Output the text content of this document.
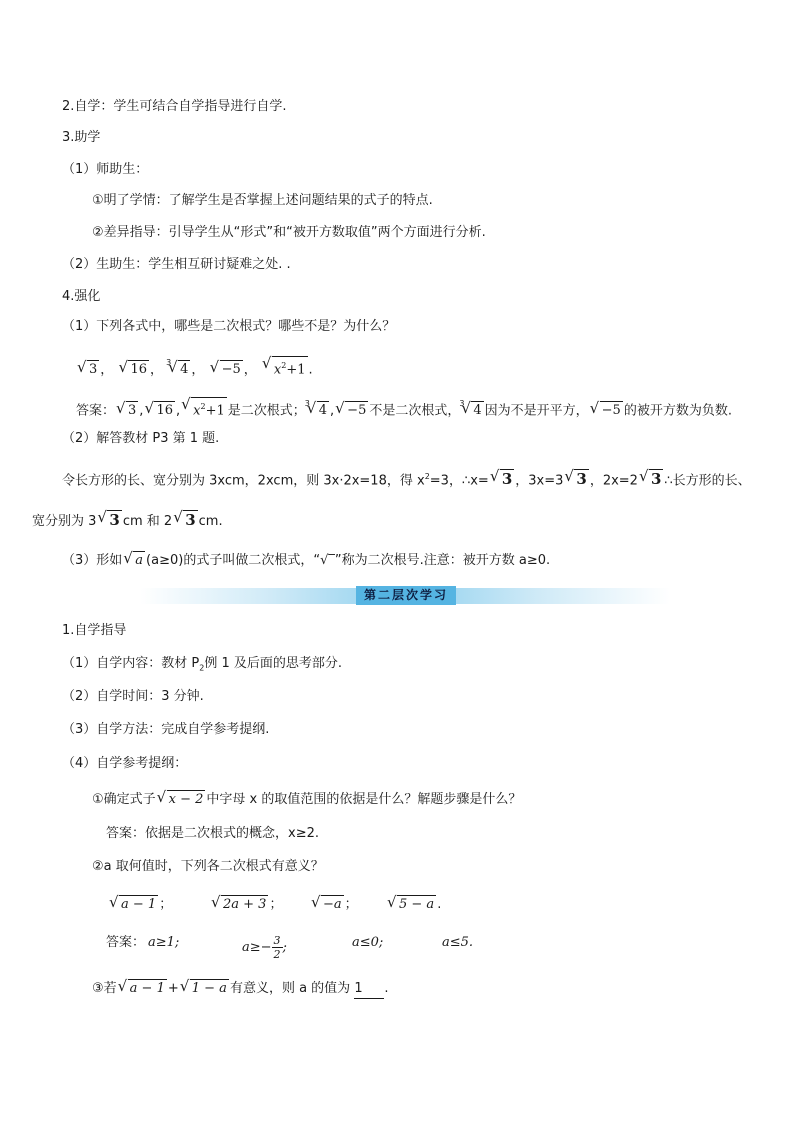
2.自学：学生可结合自学指导进行自学.
3.助学
（1）师助生：
①明了学情：了解学生是否掌握上述问题结果的式子的特点.
②差异指导：引导学生从“形式”和“被开方数取值”两个方面进行分析.
（2）生助生：学生相互研讨疑难之处. .
4.强化
（1）下列各式中，哪些是二次根式？哪些不是？为什么？
√ 3 ， √ 16 ， √ 3 4 ， √ −5 ， √ $x^2+1$ .
答案： √ 3 , √ 16 , √ $x^2+1$ 是二次根式； √ 3 4 , √ −5 不是二次根式， √ 3 4 因为不是开平方， √ −5 的被开方数为负数.
（2）解答教材 P3 第 1 题.
令长方形的长、宽分别为 3xcm，2xcm，则 3x·2x=18，得 $x^2=3$，∴x= √ 3 ，3x=3 √ 3 ，2x=2 √ 3 ∴长方形的长、
宽分别为 3 √ 3 cm 和 2 √ 3 cm.
（3）形如 √ a (a≥0)的式子叫做二次根式，“√‾”称为二次根号.注意：被开方数 a≥0.
第二层次学习
1.自学指导
（1）自学内容：教材 $P_2$例 1 及后面的思考部分.
（2）自学时间：3 分钟.
（3）自学方法：完成自学参考提纲.
（4）自学参考提纲：
①确定式子 √ x − 2 中字母 x 的取值范围的依据是什么？解题步骤是什么？
答案：依据是二次根式的概念，x≥2.
②a 取何值时，下列各二次根式有意义？
√ a − 1 ；	√ 2a + 3 ；	√ −a ；	√ 5 − a .
答案： a≥1;	$a\ge- \frac{3}{2}$ ;	a≤0;	a≤5.
③若 √ a − 1 + √ 1 − a 有意义，则 a 的值为 1 .
